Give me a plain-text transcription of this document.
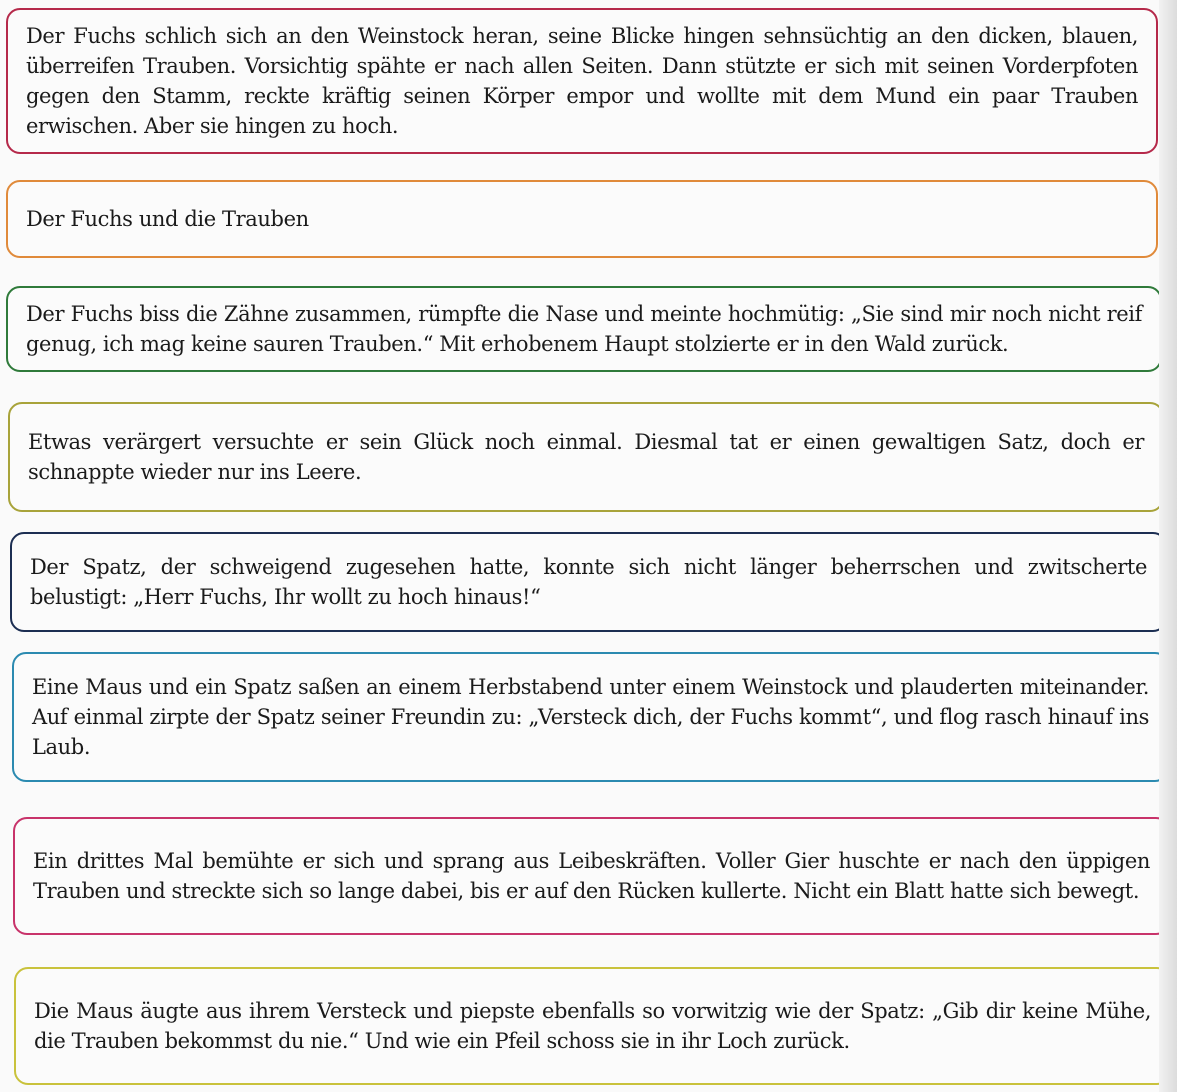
Der Fuchs schlich sich an den Weinstock heran, seine Blicke hingen sehnsüchtig an den dicken, blauen, überreifen Trauben. Vorsichtig spähte er nach allen Seiten. Dann stützte er sich mit seinen Vorderpfoten gegen den Stamm, reckte kräftig seinen Körper empor und wollte mit dem Mund ein paar Trauben erwischen. Aber sie hingen zu hoch.

Der Fuchs und die Trauben

Der Fuchs biss die Zähne zusammen, rümpfte die Nase und meinte hochmütig: „Sie sind mir noch nicht reif genug, ich mag keine sauren Trauben.“ Mit erhobenem Haupt stolzierte er in den Wald zurück.

Etwas verärgert versuchte er sein Glück noch einmal. Diesmal tat er einen gewaltigen Satz, doch er schnappte wieder nur ins Leere.

Der Spatz, der schweigend zugesehen hatte, konnte sich nicht länger beherrschen und zwitscherte belustigt: „Herr Fuchs, Ihr wollt zu hoch hinaus!“

Eine Maus und ein Spatz saßen an einem Herbstabend unter einem Weinstock und plauderten miteinander. Auf einmal zirpte der Spatz seiner Freundin zu: „Versteck dich, der Fuchs kommt“, und flog rasch hinauf ins Laub.

Ein drittes Mal bemühte er sich und sprang aus Leibeskräften. Voller Gier huschte er nach den üppigen Trauben und streckte sich so lange dabei, bis er auf den Rücken kullerte. Nicht ein Blatt hatte sich bewegt.

Die Maus äugte aus ihrem Versteck und piepste ebenfalls so vorwitzig wie der Spatz: „Gib dir keine Mühe, die Trauben bekommst du nie.“ Und wie ein Pfeil schoss sie in ihr Loch zurück.
